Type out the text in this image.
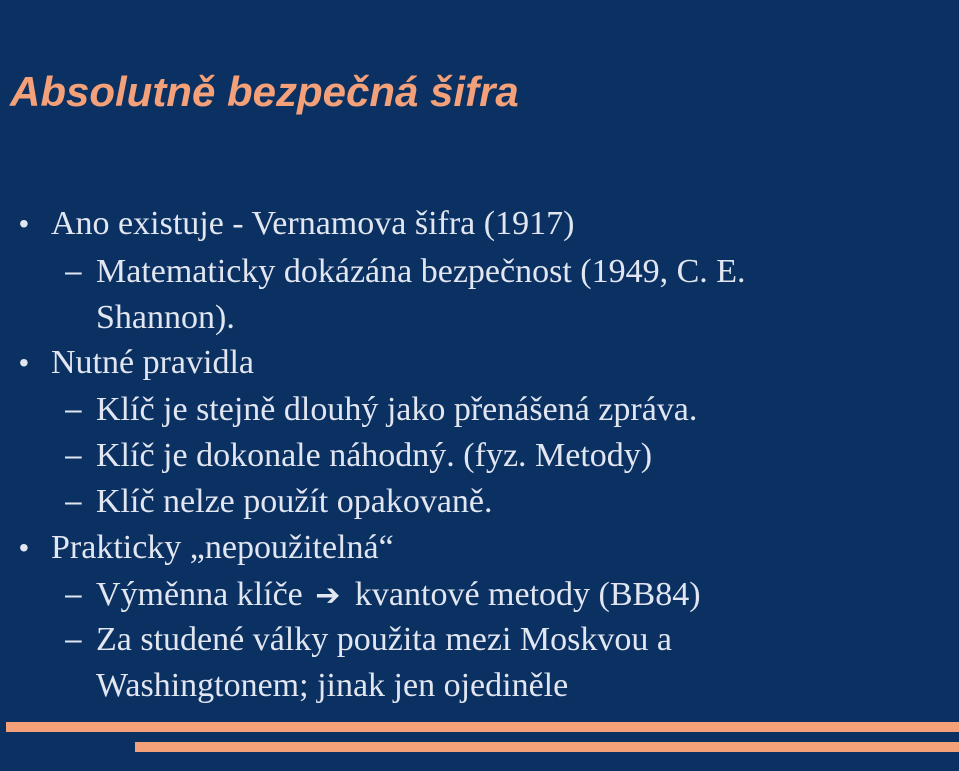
Absolutně bezpečná šifra
• Ano existuje - Vernamova šifra (1917)
– Matematicky dokázána bezpečnost (1949, C. E.
Shannon).
• Nutné pravidla
– Klíč je stejně dlouhý jako přenášená zpráva.
– Klíč je dokonale náhodný. (fyz. Metody)
– Klíč nelze použít opakovaně.
• Prakticky „nepoužitelná“
– Výměnna klíče ➔ kvantové metody (BB84)
– Za studené války použita mezi Moskvou a
Washingtonem; jinak jen ojediněle
